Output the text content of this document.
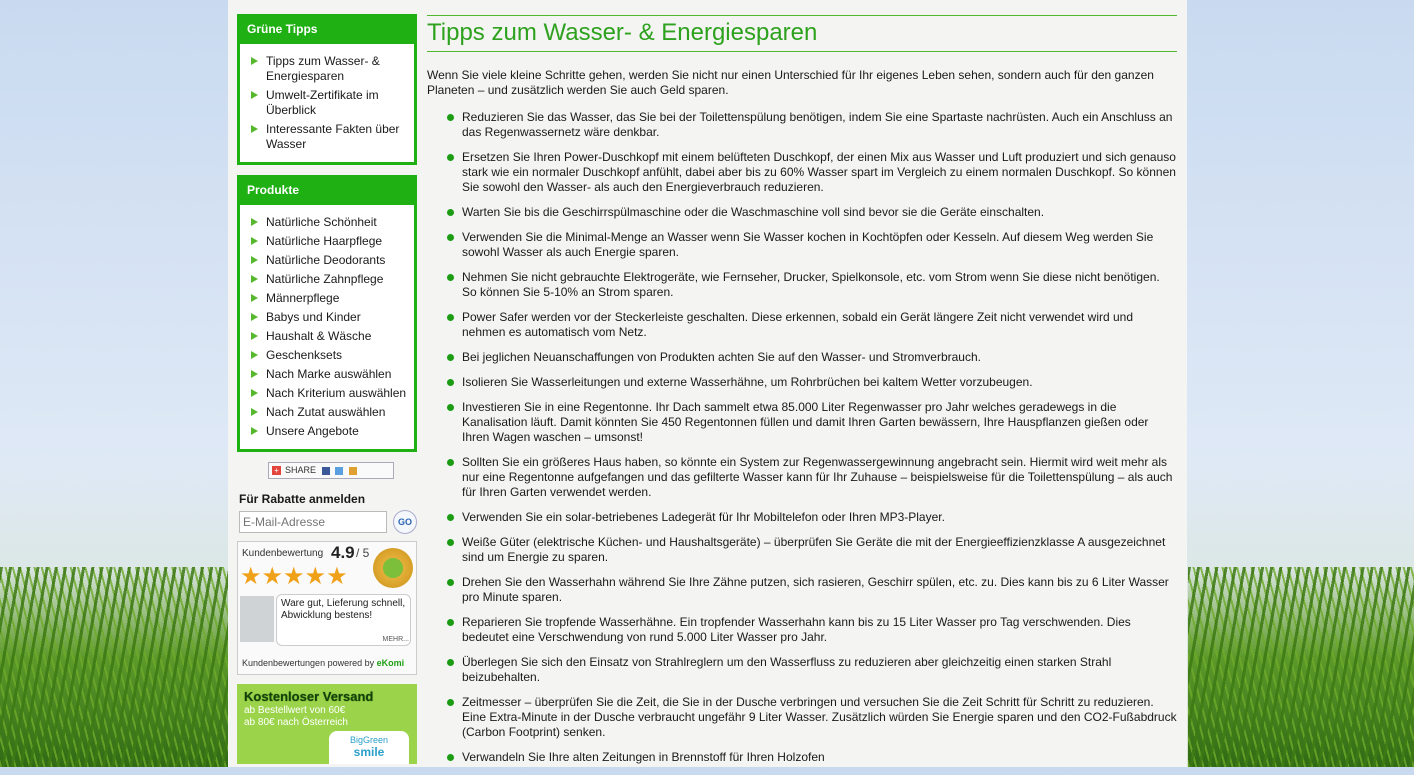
Grüne Tipps
Tipps zum Wasser- & Energiesparen
Umwelt-Zertifikate im Überblick
Interessante Fakten über Wasser
Produkte
Natürliche Schönheit
Natürliche Haarpflege
Natürliche Deodorants
Natürliche Zahnpflege
Männerpflege
Babys und Kinder
Haushalt & Wäsche
Geschenksets
Nach Marke auswählen
Nach Kriterium auswählen
Nach Zutat auswählen
Unsere Angebote
+ SHARE
Für Rabatte anmelden
E-Mail-Adresse
GO
Kundenbewertung 4.9 / 5
★★★★★
Ware gut, Lieferung schnell, Abwicklung bestens!
MEHR...
Kundenbewertungen powered by eKomi
Kostenloser Versand
ab Bestellwert von 60€
ab 80€ nach Österreich
BigGreen
smile
Tipps zum Wasser- & Energiesparen

Wenn Sie viele kleine Schritte gehen, werden Sie nicht nur einen Unterschied für Ihr eigenes Leben sehen, sondern auch für den ganzen Planeten – und zusätzlich werden Sie auch Geld sparen.

Reduzieren Sie das Wasser, das Sie bei der Toilettenspülung benötigen, indem Sie eine Spartaste nachrüsten. Auch ein Anschluss an das Regenwassernetz wäre denkbar.
Ersetzen Sie Ihren Power-Duschkopf mit einem belüfteten Duschkopf, der einen Mix aus Wasser und Luft produziert und sich genauso stark wie ein normaler Duschkopf anfühlt, dabei aber bis zu 60% Wasser spart im Vergleich zu einem normalen Duschkopf. So können Sie sowohl den Wasser- als auch den Energieverbrauch reduzieren.
Warten Sie bis die Geschirrspülmaschine oder die Waschmaschine voll sind bevor sie die Geräte einschalten.
Verwenden Sie die Minimal-Menge an Wasser wenn Sie Wasser kochen in Kochtöpfen oder Kesseln. Auf diesem Weg werden Sie sowohl Wasser als auch Energie sparen.
Nehmen Sie nicht gebrauchte Elektrogeräte, wie Fernseher, Drucker, Spielkonsole, etc. vom Strom wenn Sie diese nicht benötigen. So können Sie 5-10% an Strom sparen.
Power Safer werden vor der Steckerleiste geschalten. Diese erkennen, sobald ein Gerät längere Zeit nicht verwendet wird und nehmen es automatisch vom Netz.
Bei jeglichen Neuanschaffungen von Produkten achten Sie auf den Wasser- und Stromverbrauch.
Isolieren Sie Wasserleitungen und externe Wasserhähne, um Rohrbrüchen bei kaltem Wetter vorzubeugen.
Investieren Sie in eine Regentonne. Ihr Dach sammelt etwa 85.000 Liter Regenwasser pro Jahr welches geradewegs in die Kanalisation läuft. Damit könnten Sie 450 Regentonnen füllen und damit Ihren Garten bewässern, Ihre Hauspflanzen gießen oder Ihren Wagen waschen – umsonst!
Sollten Sie ein größeres Haus haben, so könnte ein System zur Regenwassergewinnung angebracht sein. Hiermit wird weit mehr als nur eine Regentonne aufgefangen und das gefilterte Wasser kann für Ihr Zuhause – beispielsweise für die Toilettenspülung – als auch für Ihren Garten verwendet werden.
Verwenden Sie ein solar-betriebenes Ladegerät für Ihr Mobiltelefon oder Ihren MP3-Player.
Weiße Güter (elektrische Küchen- und Haushaltsgeräte) – überprüfen Sie Geräte die mit der Energieeffizienzklasse A ausgezeichnet sind um Energie zu sparen.
Drehen Sie den Wasserhahn während Sie Ihre Zähne putzen, sich rasieren, Geschirr spülen, etc. zu. Dies kann bis zu 6 Liter Wasser pro Minute sparen.
Reparieren Sie tropfende Wasserhähne. Ein tropfender Wasserhahn kann bis zu 15 Liter Wasser pro Tag verschwenden. Dies bedeutet eine Verschwendung von rund 5.000 Liter Wasser pro Jahr.
Überlegen Sie sich den Einsatz von Strahlreglern um den Wasserfluss zu reduzieren aber gleichzeitig einen starken Strahl beizubehalten.
Zeitmesser – überprüfen Sie die Zeit, die Sie in der Dusche verbringen und versuchen Sie die Zeit Schritt für Schritt zu reduzieren. Eine Extra-Minute in der Dusche verbraucht ungefähr 9 Liter Wasser. Zusätzlich würden Sie Energie sparen und den CO2-Fußabdruck (Carbon Footprint) senken.
Verwandeln Sie Ihre alten Zeitungen in Brennstoff für Ihren Holzofen
